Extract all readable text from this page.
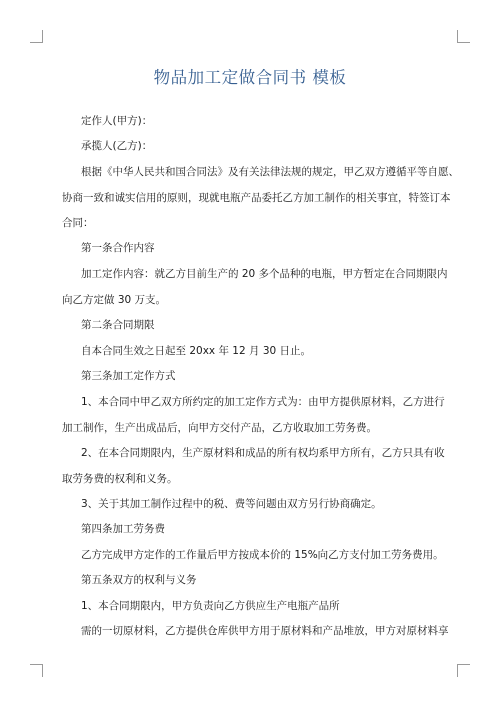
物品加工定做合同书 模板
定作人(甲方)：
承揽人(乙方)：
根据《中华人民共和国合同法》及有关法律法规的规定，甲乙双方遵循平等自愿、
协商一致和诚实信用的原则，现就电瓶产品委托乙方加工制作的相关事宜，特签订本
合同：
第一条合作内容
加工定作内容：就乙方目前生产的 20 多个品种的电瓶，甲方暂定在合同期限内
向乙方定做 30 万支。
第二条合同期限
自本合同生效之日起至 20xx 年 12 月 30 日止。
第三条加工定作方式
1、本合同中甲乙双方所约定的加工定作方式为：由甲方提供原材料，乙方进行
加工制作，生产出成品后，向甲方交付产品，乙方收取加工劳务费。
2、在本合同期限内，生产原材料和成品的所有权均系甲方所有，乙方只具有收
取劳务费的权利和义务。
3、关于其加工制作过程中的税、费等问题由双方另行协商确定。
第四条加工劳务费
乙方完成甲方定作的工作量后甲方按成本价的 15%向乙方支付加工劳务费用。
第五条双方的权利与义务
1、本合同期限内，甲方负责向乙方供应生产电瓶产品所
需的一切原材料，乙方提供仓库供甲方用于原材料和产品堆放，甲方对原材料享
